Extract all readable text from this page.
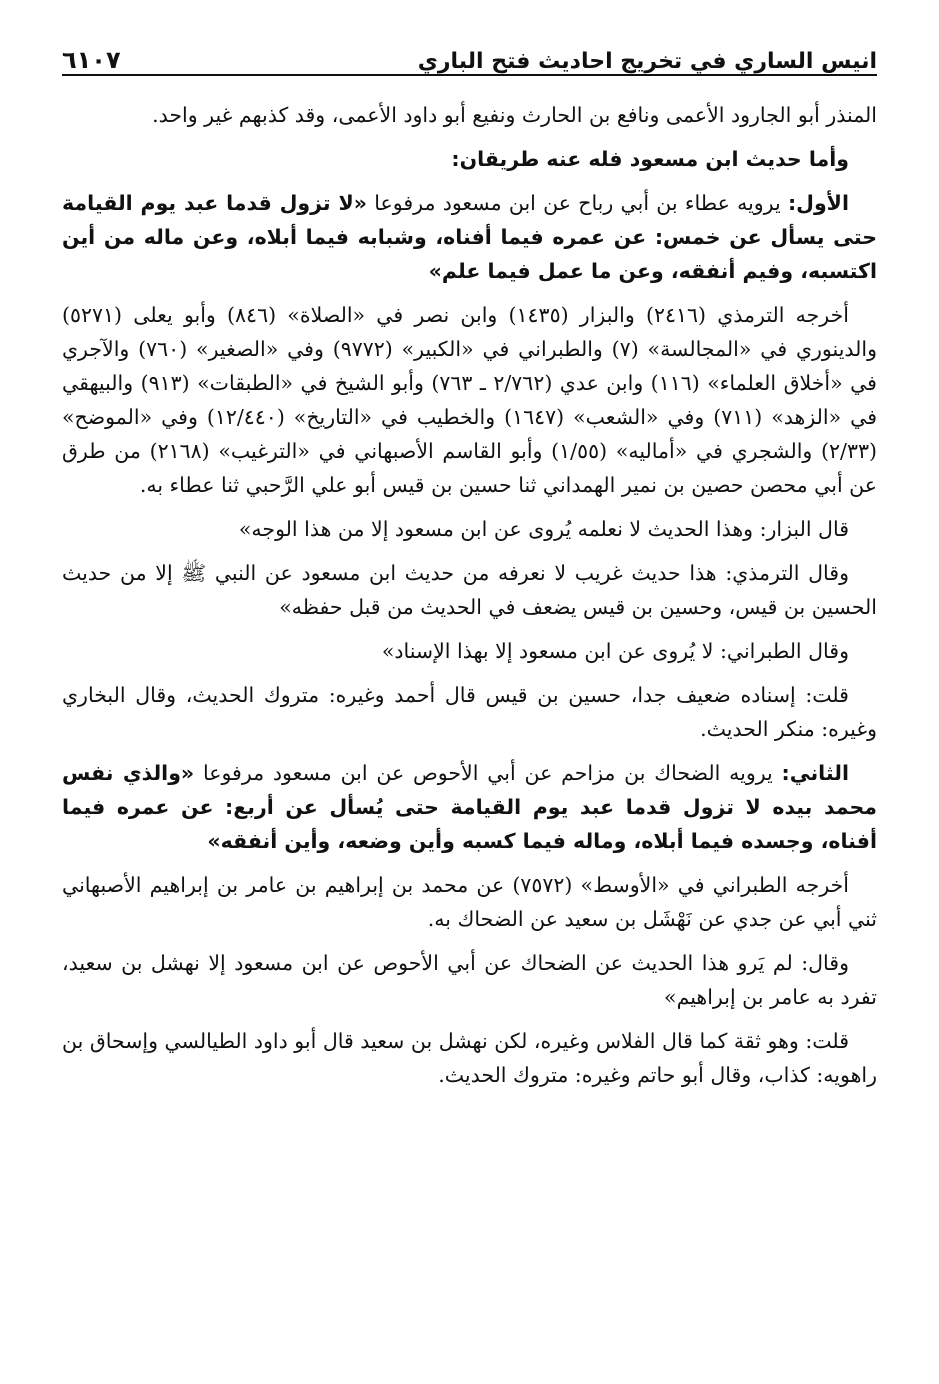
انيس الساري في تخريج احاديث فتح الباري
٦١٠٧

المنذر أبو الجارود الأعمى ونافع بن الحارث ونفيع أبو داود الأعمى، وقد كذبهم غير واحد.

وأما حديث ابن مسعود فله عنه طريقان:

الأول: يرويه عطاء بن أبي رباح عن ابن مسعود مرفوعا «لا تزول قدما عبد يوم القيامة حتى يسأل عن خمس: عن عمره فيما أفناه، وشبابه فيما أبلاه، وعن ماله من أين اكتسبه، وفيم أنفقه، وعن ما عمل فيما علم»

أخرجه الترمذي (٢٤١٦) والبزار (١٤٣٥) وابن نصر في «الصلاة» (٨٤٦) وأبو يعلى (٥٢٧١) والدينوري في «المجالسة» (٧) والطبراني في «الكبير» (٩٧٧٢) وفي «الصغير» (٧٦٠) والآجري في «أخلاق العلماء» (١١٦) وابن عدي (٢/٧٦٢ ـ ٧٦٣) وأبو الشيخ في «الطبقات» (٩١٣) والبيهقي في «الزهد» (٧١١) وفي «الشعب» (١٦٤٧) والخطيب في «التاريخ» (١٢/٤٤٠) وفي «الموضح» (٢/٣٣) والشجري في «أماليه» (١/٥٥) وأبو القاسم الأصبهاني في «الترغيب» (٢١٦٨) من طرق عن أبي محصن حصين بن نمير الهمداني ثنا حسين بن قيس أبو علي الرَّحبي ثنا عطاء به.

قال البزار: وهذا الحديث لا نعلمه يُروى عن ابن مسعود إلا من هذا الوجه»

وقال الترمذي: هذا حديث غريب لا نعرفه من حديث ابن مسعود عن النبي ﷺ إلا من حديث الحسين بن قيس، وحسين بن قيس يضعف في الحديث من قبل حفظه»

وقال الطبراني: لا يُروى عن ابن مسعود إلا بهذا الإسناد»

قلت: إسناده ضعيف جدا، حسين بن قيس قال أحمد وغيره: متروك الحديث، وقال البخاري وغيره: منكر الحديث.

الثاني: يرويه الضحاك بن مزاحم عن أبي الأحوص عن ابن مسعود مرفوعا «والذي نفس محمد بيده لا تزول قدما عبد يوم القيامة حتى يُسأل عن أربع: عن عمره فيما أفناه، وجسده فيما أبلاه، وماله فيما كسبه وأين وضعه، وأين أنفقه»

أخرجه الطبراني في «الأوسط» (٧٥٧٢) عن محمد بن إبراهيم بن عامر بن إبراهيم الأصبهاني ثني أبي عن جدي عن نَهْشَل بن سعيد عن الضحاك به.

وقال: لم يَرو هذا الحديث عن الضحاك عن أبي الأحوص عن ابن مسعود إلا نهشل بن سعيد، تفرد به عامر بن إبراهيم»

قلت: وهو ثقة كما قال الفلاس وغيره، لكن نهشل بن سعيد قال أبو داود الطيالسي وإسحاق بن راهويه: كذاب، وقال أبو حاتم وغيره: متروك الحديث.
